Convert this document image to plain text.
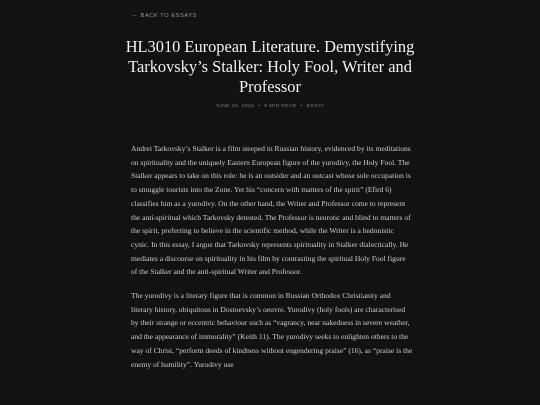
← BACK TO ESSAYS
HL3010 European Literature. Demystifying Tarkovsky’s Stalker: Holy Fool, Writer and Professor
JUNE 20, 2024 • 8 MIN READ • ESSAY

Andrei Tarkovsky’s Stalker is a film steeped in Russian history, evidenced by its meditations on spirituality and the uniquely Eastern European figure of the yurodivy, the Holy Fool. The Stalker appears to take on this role: he is an outsider and an outcast whose sole occupation is to smuggle tourists into the Zone. Yet his “concern with matters of the spirit” (Efird 6) classifies him as a yurodivy. On the other hand, the Writer and Professor come to represent the anti-spiritual which Tarkovsky detested. The Professor is neurotic and blind to matters of the spirit, preferring to believe in the scientific method, while the Writer is a hedonistic cynic. In this essay, I argue that Tarkovsky represents spirituality in Stalker dialectically. He mediates a discourse on spirituality in his film by contrasting the spiritual Holy Fool figure of the Stalker and the anti-spiritual Writer and Professor.

The yurodivy is a literary figure that is common in Russian Orthodox Christianity and literary history, ubiquitous in Dostoevsky’s oeuvre. Yurodivy (holy fools) are characterised by their strange or eccentric behaviour such as “vagrancy, near nakedness in severe weather, and the appearance of immorality” (Keith 11). The yurodivy seeks to enlighten others to the way of Christ, “perform deeds of kindness without engendering praise” (16), as “praise is the enemy of humility”. Yurodivy use
